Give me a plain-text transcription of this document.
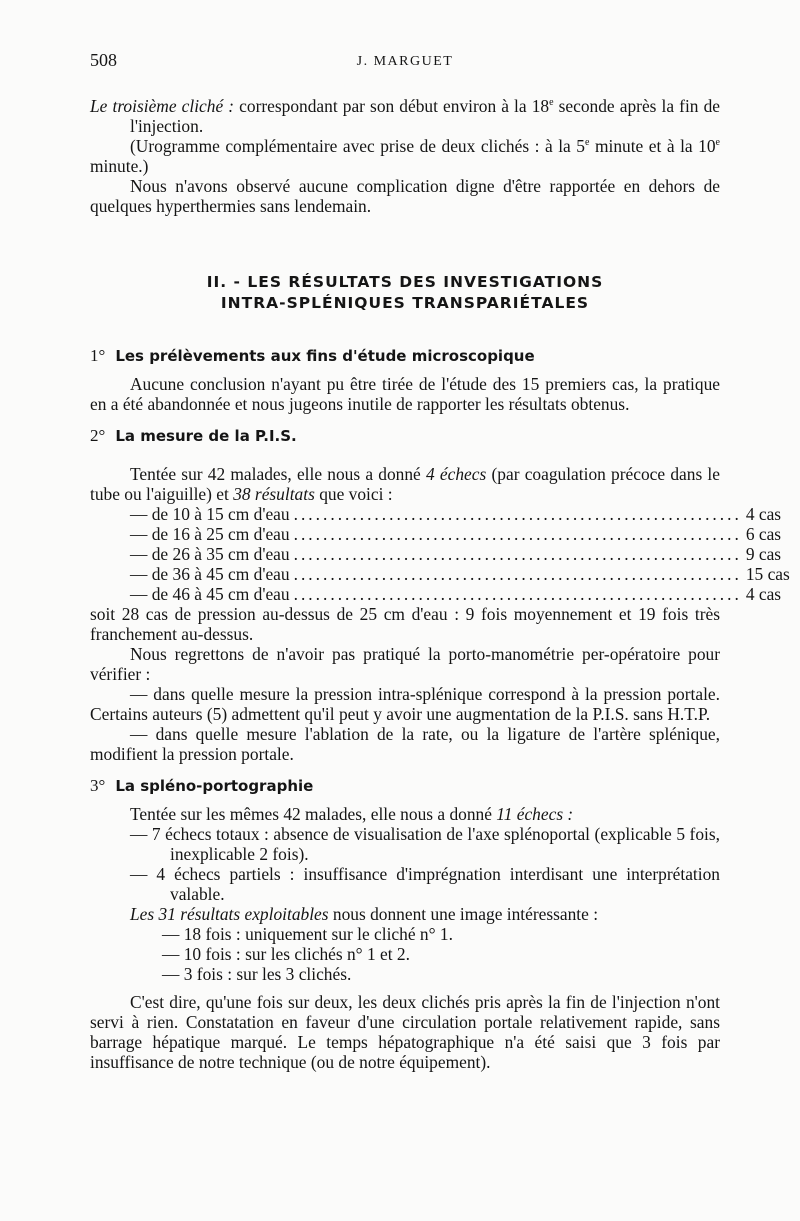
508	J. MARGUET

Le troisième cliché : correspondant par son début environ à la 18e seconde après la fin de l'injection.

(Urogramme complémentaire avec prise de deux clichés : à la 5e minute et à la 10e minute.)

Nous n'avons observé aucune complication digne d'être rapportée en dehors de quelques hyperthermies sans lendemain.

II. - LES RÉSULTATS DES INVESTIGATIONS
INTRA-SPLÉNIQUES TRANSPARIÉTALES
1° Les prélèvements aux fins d'étude microscopique

Aucune conclusion n'ayant pu être tirée de l'étude des 15 premiers cas, la pratique en a été abandonnée et nous jugeons inutile de rapporter les résultats obtenus.

2° La mesure de la P.I.S.

Tentée sur 42 malades, elle nous a donné 4 échecs (par coagulation précoce dans le tube ou l'aiguille) et 38 résultats que voici :

— de 10 à 15 cm d'eau ............................................................. 4 cas
— de 16 à 25 cm d'eau ............................................................. 6 cas
— de 26 à 35 cm d'eau ............................................................. 9 cas
— de 36 à 45 cm d'eau ............................................................. 15 cas
— de 46 à 45 cm d'eau ............................................................. 4 cas

soit 28 cas de pression au-dessus de 25 cm d'eau : 9 fois moyennement et 19 fois très franchement au-dessus.

Nous regrettons de n'avoir pas pratiqué la porto-manométrie per-opératoire pour vérifier :

— dans quelle mesure la pression intra-splénique correspond à la pression portale. Certains auteurs (5) admettent qu'il peut y avoir une augmentation de la P.I.S. sans H.T.P.

— dans quelle mesure l'ablation de la rate, ou la ligature de l'artère splénique, modifient la pression portale.

3° La spléno-portographie

Tentée sur les mêmes 42 malades, elle nous a donné 11 échecs :

— 7 échecs totaux : absence de visualisation de l'axe splénoportal (explicable 5 fois, inexplicable 2 fois).

— 4 échecs partiels : insuffisance d'imprégnation interdisant une interprétation valable.

Les 31 résultats exploitables nous donnent une image intéressante :

— 18 fois : uniquement sur le cliché n° 1.
— 10 fois : sur les clichés n° 1 et 2.
— 3 fois : sur les 3 clichés.

C'est dire, qu'une fois sur deux, les deux clichés pris après la fin de l'injection n'ont servi à rien. Constatation en faveur d'une circulation portale relativement rapide, sans barrage hépatique marqué. Le temps hépatographique n'a été saisi que 3 fois par insuffisance de notre technique (ou de notre équipement).
